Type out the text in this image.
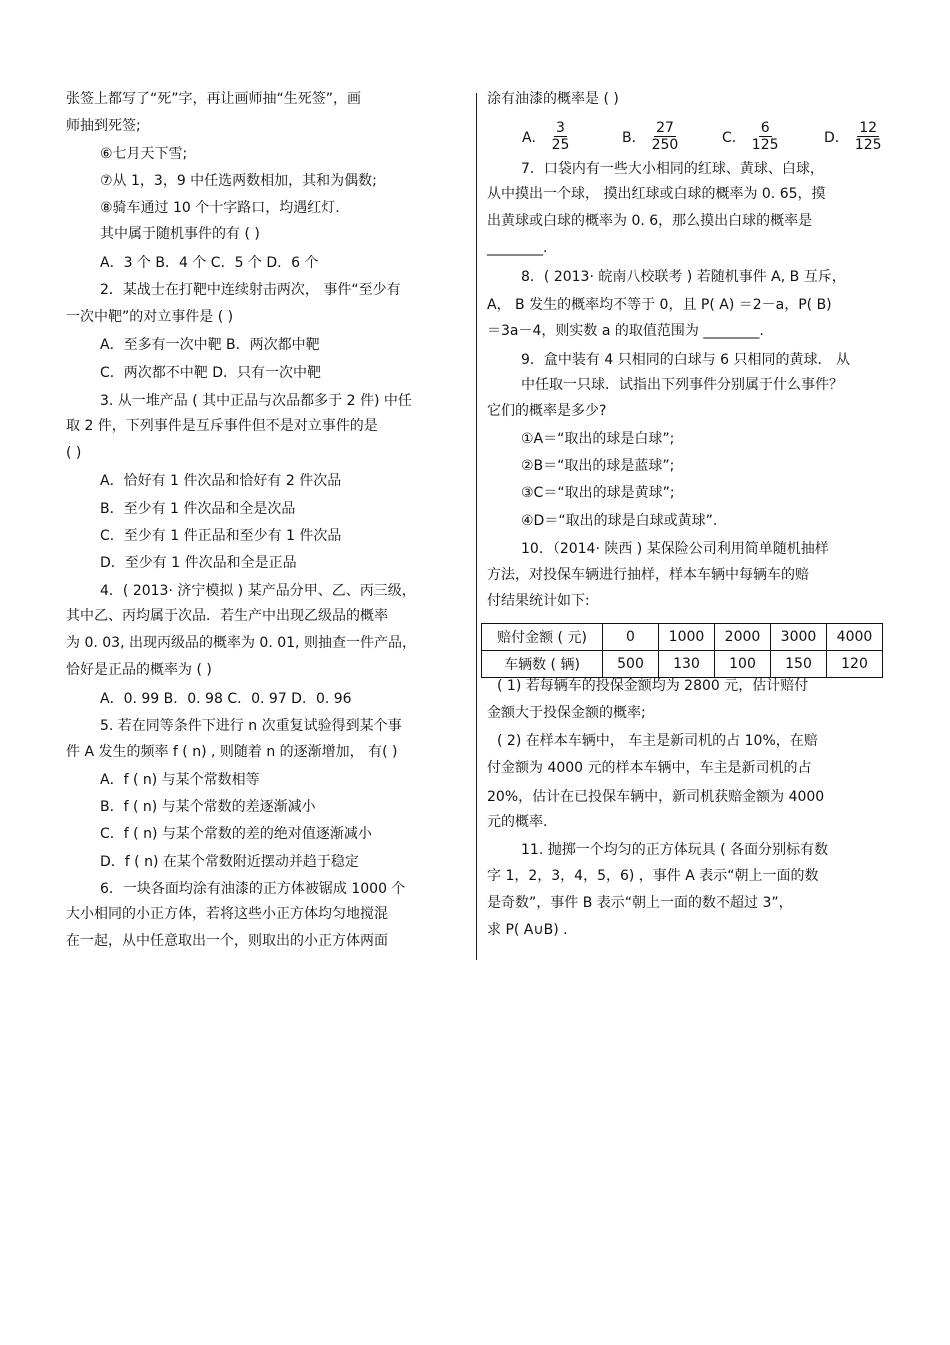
张签上都写了“死”字，再让画师抽“生死签”，画
师抽到死签;
⑥七月天下雪;
⑦从 1，3，9 中任选两数相加，其和为偶数;
⑧骑车通过 10 个十字路口，均遇红灯.
其中属于随机事件的有 ( )
A．3 个 B．4 个 C．5 个 D．6 个
2．某战士在打靶中连续射击两次， 事件“至少有
一次中靶”的对立事件是 ( )
A．至多有一次中靶 B．两次都中靶
C．两次都不中靶 D．只有一次中靶
3. 从一堆产品 ( 其中正品与次品都多于 2 件) 中任
取 2 件，下列事件是互斥事件但不是对立事件的是
( )
A．恰好有 1 件次品和恰好有 2 件次品
B．至少有 1 件次品和全是次品
C．至少有 1 件正品和至少有 1 件次品
D．至少有 1 件次品和全是正品
4．( 2013· 济宁模拟 ) 某产品分甲、乙、丙三级，
其中乙、丙均属于次品．若生产中出现乙级品的概率
为 0. 03, 出现丙级品的概率为 0. 01, 则抽查一件产品，
恰好是正品的概率为 ( )
A．0. 99 B．0. 98 C．0. 97 D．0. 96
5. 若在同等条件下进行 n 次重复试验得到某个事
件 A 发生的频率 f ( n) , 则随着 n 的逐渐增加， 有( )
A．f ( n) 与某个常数相等
B．f ( n) 与某个常数的差逐渐减小
C．f ( n) 与某个常数的差的绝对值逐渐减小
D．f ( n) 在某个常数附近摆动并趋于稳定
6．一块各面均涂有油漆的正方体被锯成 1000 个
大小相同的小正方体，若将这些小正方体均匀地搅混
在一起，从中任意取出一个，则取出的小正方体两面
涂有油漆的概率是 ( )
7．口袋内有一些大小相同的红球、黄球、白球，
从中摸出一个球， 摸出红球或白球的概率为 0. 65，摸
出黄球或白球的概率为 0. 6，那么摸出白球的概率是
________.
8．( 2013· 皖南八校联考 ) 若随机事件 A, B 互斥，
A， B 发生的概率均不等于 0，且 P( A) ＝2－a，P( B)
＝3a－4，则实数 a 的取值范围为 ________.
9．盒中装有 4 只相同的白球与 6 只相同的黄球． 从
中任取一只球．试指出下列事件分别属于什么事件？
它们的概率是多少?
①A＝“取出的球是白球”;
②B＝“取出的球是蓝球”;
③C＝“取出的球是黄球”;
④D＝“取出的球是白球或黄球”.
10．（2014· 陕西 ) 某保险公司利用简单随机抽样
方法，对投保车辆进行抽样，样本车辆中每辆车的赔
付结果统计如下:
( 1) 若每辆车的投保金额均为 2800 元，估计赔付
金额大于投保金额的概率;
( 2) 在样本车辆中， 车主是新司机的占 10%，在赔
付金额为 4000 元的样本车辆中，车主是新司机的占
20%，估计在已投保车辆中，新司机获赔金额为 4000
元的概率.
11. 抛掷一个均匀的正方体玩具 ( 各面分别标有数
字 1，2，3，4，5，6) ，事件 A 表示“朝上一面的数
是奇数”，事件 B 表示“朝上一面的数不超过 3”，
求 P( A∪B) .
A． $\frac{3}{25}$	B． $\frac{27}{250}$	C． $\frac{6}{125}$	D． $\frac{12}{125}$
赔付金额 ( 元)	0	1000	2000	3000	4000
车辆数 ( 辆)	500	130	100	150	120
